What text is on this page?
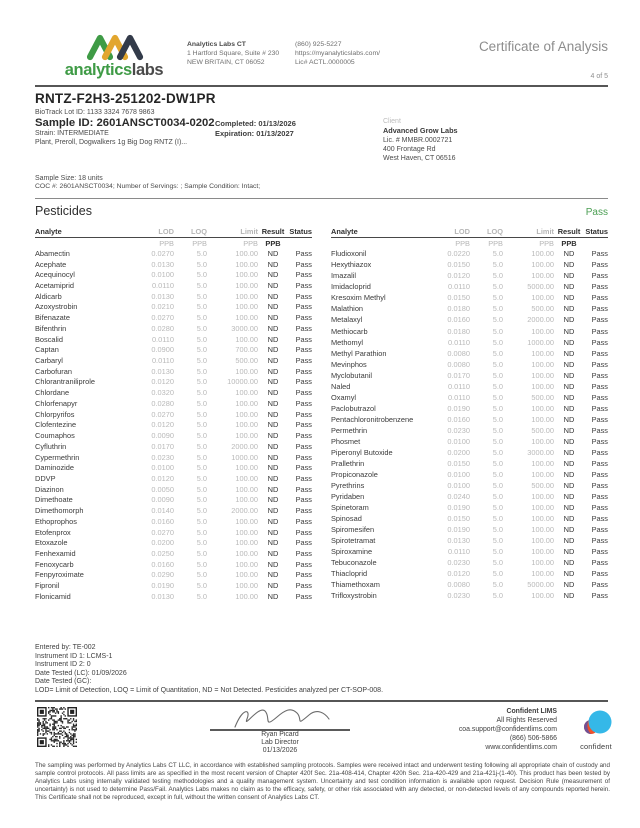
analyticslabs
Analytics Labs CT
1 Hartford Square, Suite # 230
NEW BRITAIN, CT 06052
(860) 925-5227
https://myanalyticslabs.com/
Lic# ACTL.0000005
Certificate of Analysis
4 of 5
RNTZ-F2H3-251202-DW1PR
BioTrack Lot ID: 1133 3324 7678 9863
Sample ID: 2601ANSCT0034-0202
Strain: INTERMEDIATE
Plant, Preroll, Dogwalkers 1g Big Dog RNTZ (I)...
Completed: 01/13/2026
Expiration: 01/13/2027
Client
Advanced Grow Labs
Lic. # MMBR.0002721
400 Frontage Rd
West Haven, CT 06516
Sample Size: 18 units
COC #: 2601ANSCT0034; Number of Servings: ; Sample Condition: Intact;
Pesticides	Pass
Analyte	LOD	LOQ	Limit	Result	Status
	PPB	PPB	PPB	PPB	
Abamectin	0.0270	5.0	100.00	ND	Pass
Acephate	0.0130	5.0	100.00	ND	Pass
Acequinocyl	0.0100	5.0	100.00	ND	Pass
Acetamiprid	0.0110	5.0	100.00	ND	Pass
Aldicarb	0.0130	5.0	100.00	ND	Pass
Azoxystrobin	0.0210	5.0	100.00	ND	Pass
Bifenazate	0.0270	5.0	100.00	ND	Pass
Bifenthrin	0.0280	5.0	3000.00	ND	Pass
Boscalid	0.0110	5.0	100.00	ND	Pass
Captan	0.0900	5.0	700.00	ND	Pass
Carbaryl	0.0110	5.0	500.00	ND	Pass
Carbofuran	0.0130	5.0	100.00	ND	Pass
Chlorantraniliprole	0.0120	5.0	10000.00	ND	Pass
Chlordane	0.0320	5.0	100.00	ND	Pass
Chlorfenapyr	0.0280	5.0	100.00	ND	Pass
Chlorpyrifos	0.0270	5.0	100.00	ND	Pass
Clofentezine	0.0120	5.0	100.00	ND	Pass
Coumaphos	0.0090	5.0	100.00	ND	Pass
Cyfluthrin	0.0170	5.0	2000.00	ND	Pass
Cypermethrin	0.0230	5.0	1000.00	ND	Pass
Daminozide	0.0100	5.0	100.00	ND	Pass
DDVP	0.0120	5.0	100.00	ND	Pass
Diazinon	0.0050	5.0	100.00	ND	Pass
Dimethoate	0.0090	5.0	100.00	ND	Pass
Dimethomorph	0.0140	5.0	2000.00	ND	Pass
Ethoprophos	0.0160	5.0	100.00	ND	Pass
Etofenprox	0.0270	5.0	100.00	ND	Pass
Etoxazole	0.0200	5.0	100.00	ND	Pass
Fenhexamid	0.0250	5.0	100.00	ND	Pass
Fenoxycarb	0.0160	5.0	100.00	ND	Pass
Fenpyroximate	0.0290	5.0	100.00	ND	Pass
Fipronil	0.0190	5.0	100.00	ND	Pass
Flonicamid	0.0130	5.0	100.00	ND	Pass
Analyte	LOD	LOQ	Limit	Result	Status
	PPB	PPB	PPB	PPB	
Fludioxonil	0.0220	5.0	100.00	ND	Pass
Hexythiazox	0.0150	5.0	100.00	ND	Pass
Imazalil	0.0120	5.0	100.00	ND	Pass
Imidacloprid	0.0110	5.0	5000.00	ND	Pass
Kresoxim Methyl	0.0150	5.0	100.00	ND	Pass
Malathion	0.0180	5.0	500.00	ND	Pass
Metalaxyl	0.0160	5.0	2000.00	ND	Pass
Methiocarb	0.0180	5.0	100.00	ND	Pass
Methomyl	0.0110	5.0	1000.00	ND	Pass
Methyl Parathion	0.0080	5.0	100.00	ND	Pass
Mevinphos	0.0080	5.0	100.00	ND	Pass
Myclobutanil	0.0170	5.0	100.00	ND	Pass
Naled	0.0110	5.0	100.00	ND	Pass
Oxamyl	0.0110	5.0	500.00	ND	Pass
Paclobutrazol	0.0190	5.0	100.00	ND	Pass
Pentachloronitrobenzene	0.0160	5.0	100.00	ND	Pass
Permethrin	0.0230	5.0	500.00	ND	Pass
Phosmet	0.0100	5.0	100.00	ND	Pass
Piperonyl Butoxide	0.0200	5.0	3000.00	ND	Pass
Prallethrin	0.0150	5.0	100.00	ND	Pass
Propiconazole	0.0100	5.0	100.00	ND	Pass
Pyrethrins	0.0100	5.0	500.00	ND	Pass
Pyridaben	0.0240	5.0	100.00	ND	Pass
Spinetoram	0.0190	5.0	100.00	ND	Pass
Spinosad	0.0150	5.0	100.00	ND	Pass
Spiromesifen	0.0190	5.0	100.00	ND	Pass
Spirotetramat	0.0130	5.0	100.00	ND	Pass
Spiroxamine	0.0110	5.0	100.00	ND	Pass
Tebuconazole	0.0230	5.0	100.00	ND	Pass
Thiacloprid	0.0120	5.0	100.00	ND	Pass
Thiamethoxam	0.0080	5.0	5000.00	ND	Pass
Trifloxystrobin	0.0230	5.0	100.00	ND	Pass
Entered by: TE-002
Instrument ID 1: LCMS-1
Instrument ID 2: 0
Date Tested (LC): 01/09/2026
Date Tested (GC):
LOD= Limit of Detection, LOQ = Limit of Quantitation, ND = Not Detected. Pesticides analyzed per CT-SOP-008.
Ryan Picard
Lab Director
01/13/2026
Confident LIMS
All Rights Reserved
coa.support@confidentlims.com
(866) 506-5866
www.confidentlims.com	confident
The sampling was performed by Analytics Labs CT LLC, in accordance with established sampling protocols. Samples were received intact and underwent testing following all appropriate chain of custody and sample control protocols. All pass limits are as specified in the most recent version of Chapter 420f Sec. 21a-408-414, Chapter 420h Sec. 21a-420-429 and 21a-421j-(1-40). This product has been tested by Analytics Labs using internally validated testing methodologies and a quality management system. Uncertainty and test condition information is available upon request. Decision Rule (measurement of uncertainty) is not used to determine Pass/Fail. Analytics Labs makes no claim as to the efficacy, safety, or other risk associated with any detected, or non-detected levels of any compounds reported herein. This Certificate shall not be reproduced, except in full, without the written consent of Analytics Labs CT.
